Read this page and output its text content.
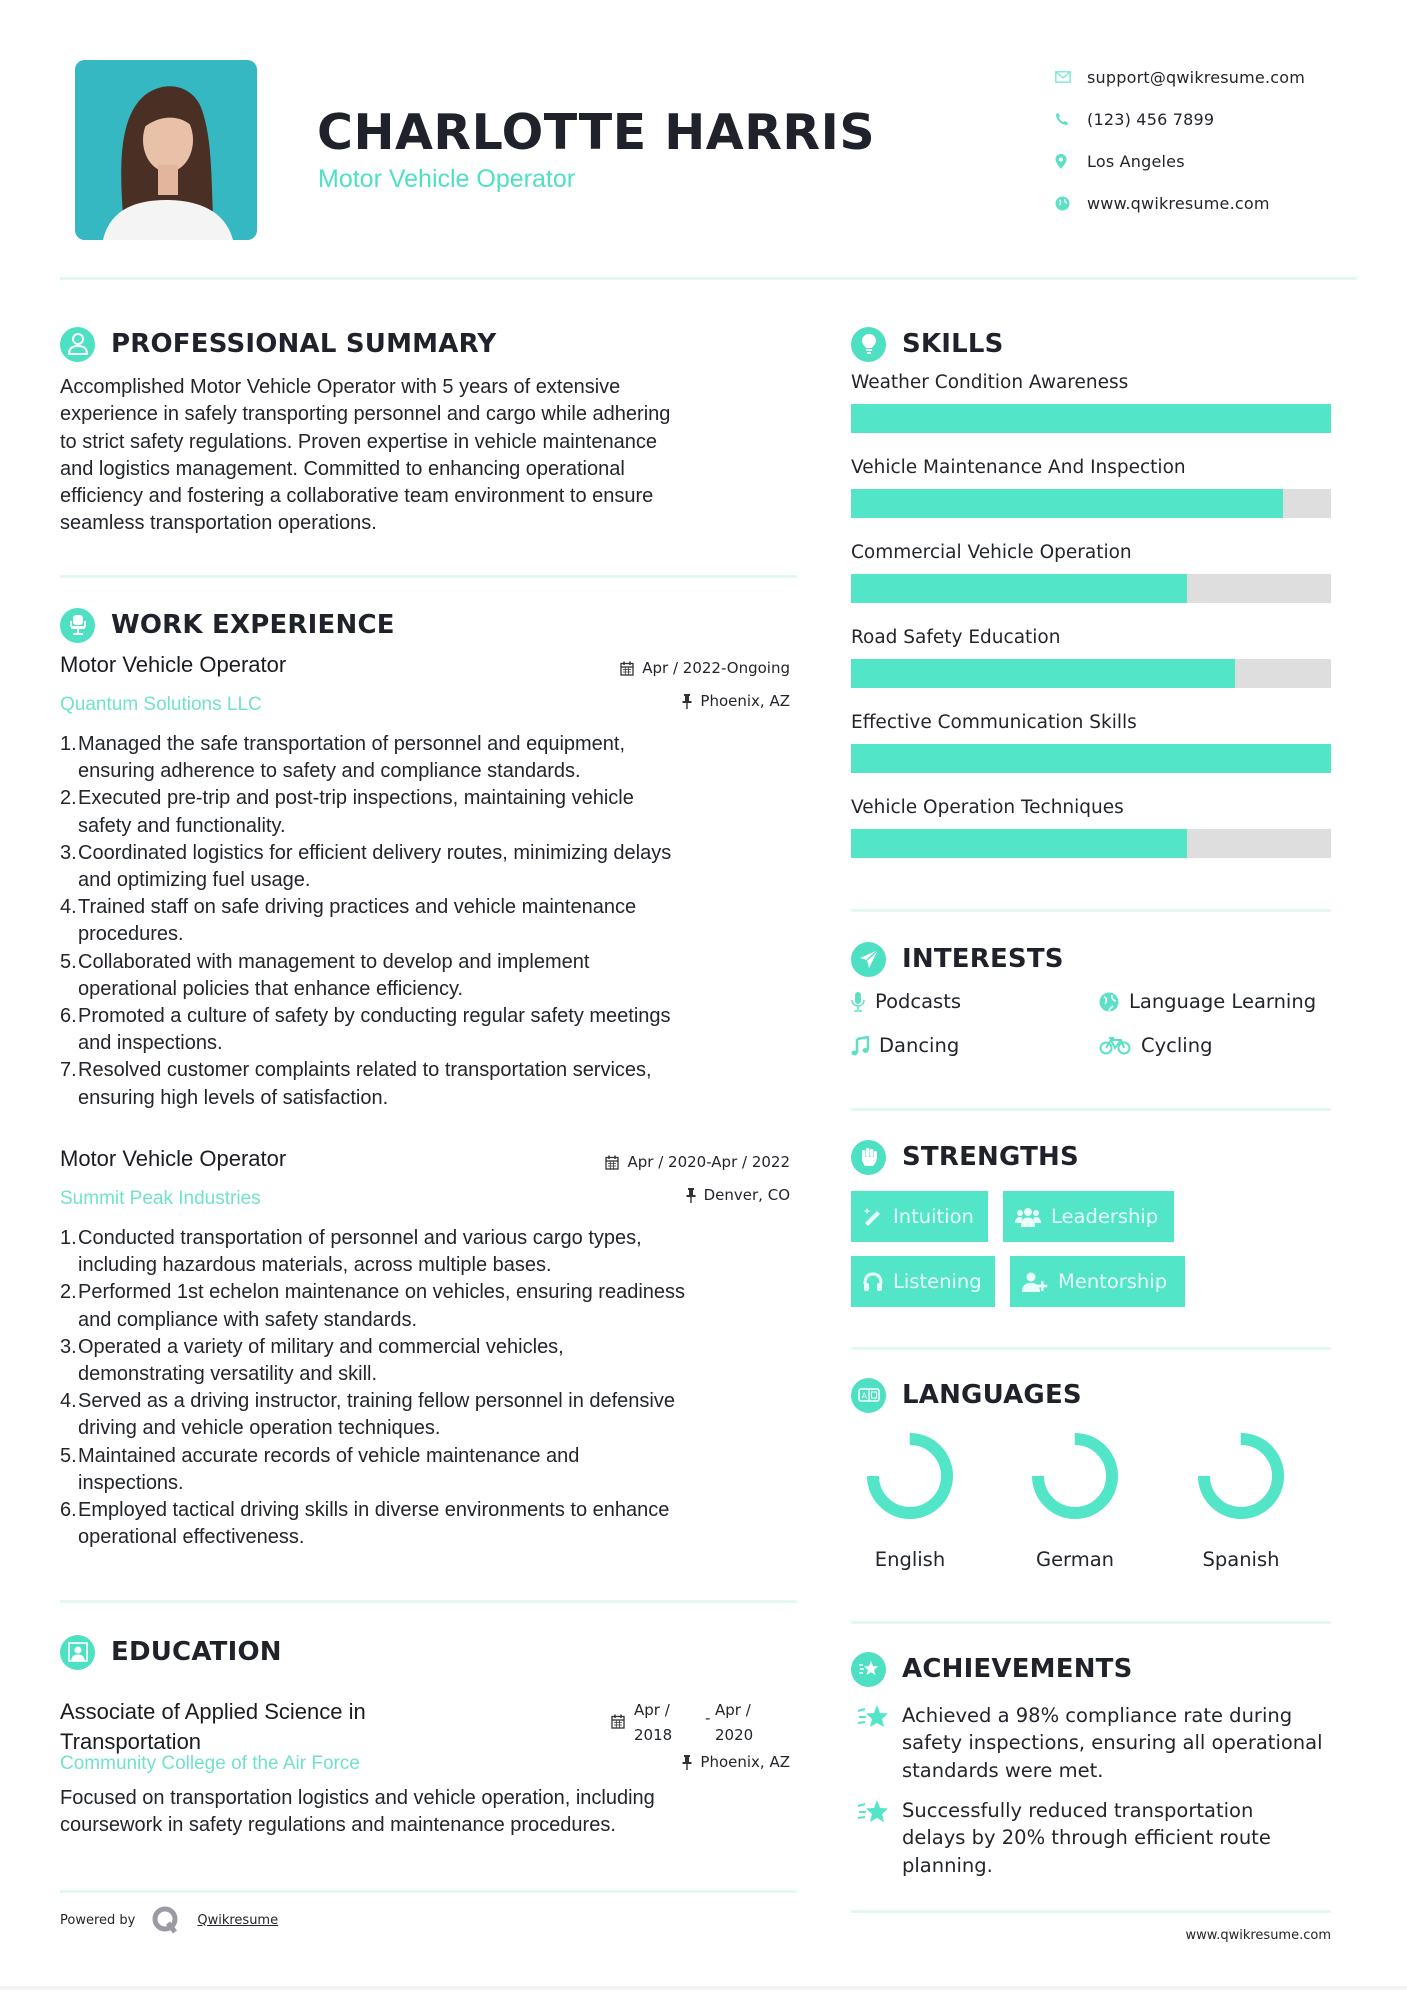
CHARLOTTE HARRIS
Motor Vehicle Operator
support@qwikresume.com
(123) 456 7899
Los Angeles
www.qwikresume.com
PROFESSIONAL SUMMARY
Accomplished Motor Vehicle Operator with 5 years of extensive
experience in safely transporting personnel and cargo while adhering
to strict safety regulations. Proven expertise in vehicle maintenance
and logistics management. Committed to enhancing operational
efficiency and fostering a collaborative team environment to ensure
seamless transportation operations.
WORK EXPERIENCE
Motor Vehicle Operator	Apr / 2022-Ongoing
Quantum Solutions LLC	Phoenix, AZ
1. Managed the safe transportation of personnel and equipment,
ensuring adherence to safety and compliance standards.
2. Executed pre-trip and post-trip inspections, maintaining vehicle
safety and functionality.
3. Coordinated logistics for efficient delivery routes, minimizing delays
and optimizing fuel usage.
4. Trained staff on safe driving practices and vehicle maintenance
procedures.
5. Collaborated with management to develop and implement
operational policies that enhance efficiency.
6. Promoted a culture of safety by conducting regular safety meetings
and inspections.
7. Resolved customer complaints related to transportation services,
ensuring high levels of satisfaction.
Motor Vehicle Operator	Apr / 2020-Apr / 2022
Summit Peak Industries	Denver, CO
1. Conducted transportation of personnel and various cargo types,
including hazardous materials, across multiple bases.
2. Performed 1st echelon maintenance on vehicles, ensuring readiness
and compliance with safety standards.
3. Operated a variety of military and commercial vehicles,
demonstrating versatility and skill.
4. Served as a driving instructor, training fellow personnel in defensive
driving and vehicle operation techniques.
5. Maintained accurate records of vehicle maintenance and
inspections.
6. Employed tactical driving skills in diverse environments to enhance
operational effectiveness.
EDUCATION
Associate of Applied Science in
Transportation
Apr /
2018
- Apr /
2020
Community College of the Air Force	Phoenix, AZ
Focused on transportation logistics and vehicle operation, including
coursework in safety regulations and maintenance procedures.
Powered by	Qwikresume
SKILLS
Weather Condition Awareness
Vehicle Maintenance And Inspection
Commercial Vehicle Operation
Road Safety Education
Effective Communication Skills
Vehicle Operation Techniques
INTERESTS
Podcasts	Language Learning
Dancing	Cycling
STRENGTHS
Intuition	Leadership
Listening	Mentorship
A LANGUAGES
English	German	Spanish
ACHIEVEMENTS
Achieved a 98% compliance rate during
safety inspections, ensuring all operational
standards were met.
Successfully reduced transportation
delays by 20% through efficient route
planning.
www.qwikresume.com
